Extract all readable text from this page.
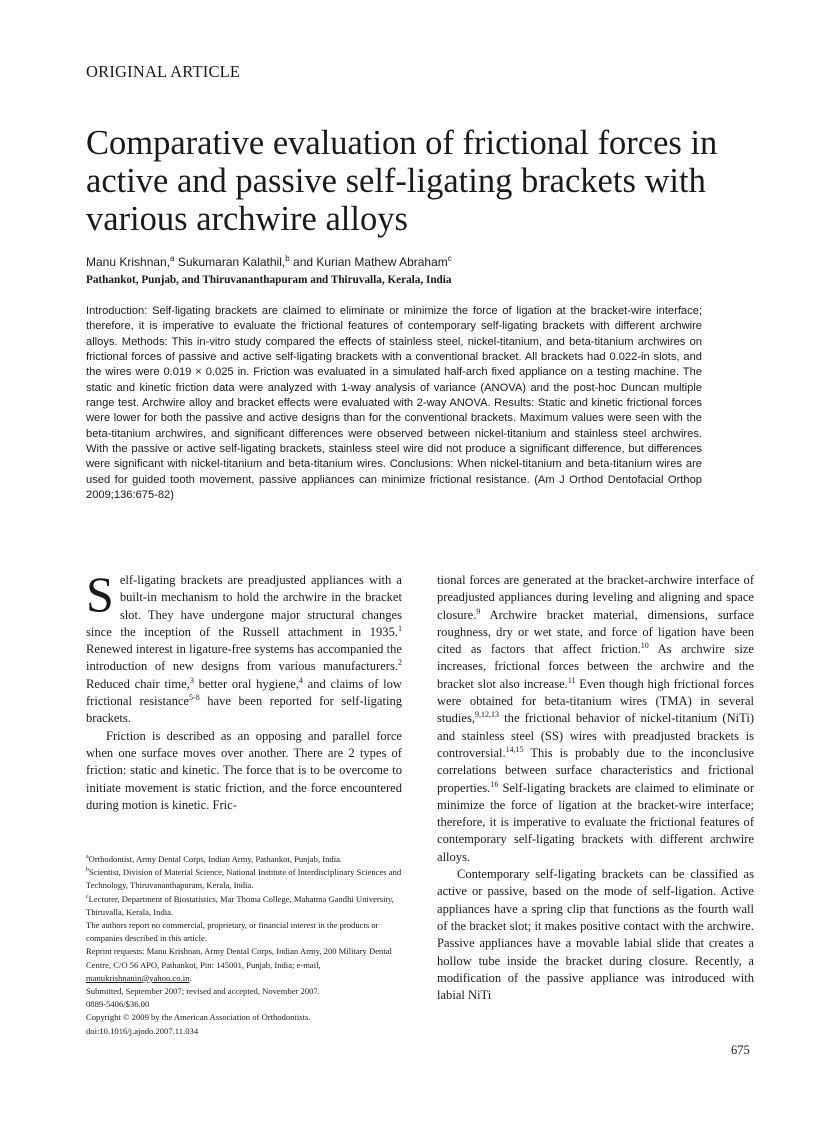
ORIGINAL ARTICLE
Comparative evaluation of frictional forces in active and passive self-ligating brackets with various archwire alloys
Manu Krishnan,$^a$ Sukumaran Kalathil,$^b$ and Kurian Mathew Abraham$^c$
Pathankot, Punjab, and Thiruvananthapuram and Thiruvalla, Kerala, India

Introduction: Self-ligating brackets are claimed to eliminate or minimize the force of ligation at the bracket-wire interface; therefore, it is imperative to evaluate the frictional features of contemporary self-ligating brackets with different archwire alloys. Methods: This in-vitro study compared the effects of stainless steel, nickel-titanium, and beta-titanium archwires on frictional forces of passive and active self-ligating brackets with a conventional bracket. All brackets had 0.022-in slots, and the wires were 0.019 × 0.025 in. Friction was evaluated in a simulated half-arch fixed appliance on a testing machine. The static and kinetic friction data were analyzed with 1-way analysis of variance (ANOVA) and the post-hoc Duncan multiple range test. Archwire alloy and bracket effects were evaluated with 2-way ANOVA. Results: Static and kinetic frictional forces were lower for both the passive and active designs than for the conventional brackets. Maximum values were seen with the beta-titanium archwires, and significant differences were observed between nickel-titanium and stainless steel archwires. With the passive or active self-ligating brackets, stainless steel wire did not produce a significant difference, but differences were significant with nickel-titanium and beta-titanium wires. Conclusions: When nickel-titanium and beta-titanium wires are used for guided tooth movement, passive appliances can minimize frictional resistance. (Am J Orthod Dentofacial Orthop 2009;136:675-82)

Self-ligating brackets are preadjusted appliances with a built-in mechanism to hold the archwire in the bracket slot. They have undergone major structural changes since the inception of the Russell attachment in 1935.$^1$ Renewed interest in ligature-free systems has accompanied the introduction of new designs from various manufacturers.$^2$ Reduced chair time,$^3$ better oral hygiene,$^4$ and claims of low frictional resistance$^{5-8}$ have been reported for self-ligating brackets.

Friction is described as an opposing and parallel force when one surface moves over another. There are 2 types of friction: static and kinetic. The force that is to be overcome to initiate movement is static friction, and the force encountered during motion is kinetic. Fric-

tional forces are generated at the bracket-archwire interface of preadjusted appliances during leveling and aligning and space closure.$^9$ Archwire bracket material, dimensions, surface roughness, dry or wet state, and force of ligation have been cited as factors that affect friction.$^{10}$ As archwire size increases, frictional forces between the archwire and the bracket slot also increase.$^{11}$ Even though high frictional forces were obtained for beta-titanium wires (TMA) in several studies,$^{9,12,13}$ the frictional behavior of nickel-titanium (NiTi) and stainless steel (SS) wires with preadjusted brackets is controversial.$^{14,15}$ This is probably due to the inconclusive correlations between surface characteristics and frictional properties.$^{16}$ Self-ligating brackets are claimed to eliminate or minimize the force of ligation at the bracket-wire interface; therefore, it is imperative to evaluate the frictional features of contemporary self-ligating brackets with different archwire alloys.

Contemporary self-ligating brackets can be classified as active or passive, based on the mode of self-ligation. Active appliances have a spring clip that functions as the fourth wall of the bracket slot; it makes positive contact with the archwire. Passive appliances have a movable labial slide that creates a hollow tube inside the bracket during closure. Recently, a modification of the passive appliance was introduced with labial NiTi

$^a$Orthodontist, Army Dental Corps, Indian Army, Pathankot, Punjab, India.

$^b$Scientist, Division of Material Science, National Institute of Interdisciplinary Sciences and Technology, Thiruvananthapuram, Kerala, India.

$^c$Lecturer, Department of Biostatistics, Mar Thoma College, Mahatma Gandhi University, Thiruvalla, Kerala, India.

The authors report no commercial, proprietary, or financial interest in the products or companies described in this article.

Reprint requests: Manu Krishnan, Army Dental Corps, Indian Army, 200 Military Dental Centre, C/O 56 APO, Pathankot, Pin: 145001, Punjab, India; e-mail, manukrishnanin@yahoo.co.in.

Submitted, September 2007; revised and accepted, November 2007.

0889-5406/$36.00

Copyright © 2009 by the American Association of Orthodontists.

doi:10.1016/j.ajodo.2007.11.034

675
